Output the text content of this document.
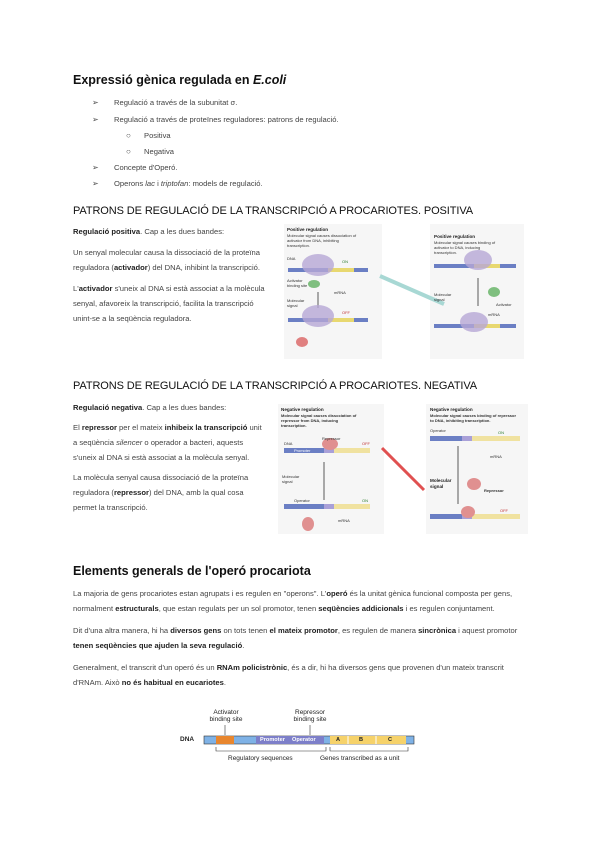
Expressió gènica regulada en E.coli
➢ Regulació a través de la subunitat σ.
➢ Regulació a través de proteïnes reguladores: patrons de regulació.
○ Positiva
○ Negativa
➢ Concepte d'Operó.
➢ Operons lac i triptofan: models de regulació.
PATRONS DE REGULACIÓ DE LA TRANSCRIPCIÓ A PROCARIOTES. POSITIVA
Regulació positiva. Cap a les dues bandes:
Un senyal molecular causa la dissociació de la proteïna reguladora (activador) del DNA, inhibint la transcripció.
L'activador s'uneix al DNA si està associat a la molècula senyal, afavoreix la transcripció, facilita la transcripció unint-se a la seqüència reguladora.
Positive regulation
Molecular signal causes dissociation of activator from DNA, inhibiting transcription.
DNA
ON
Activator binding site
mRNA
Molecular signal
OFF
Positive regulation
Molecular signal causes binding of activator to DNA, inducing transcription.
Molecular signal
Activator
mRNA
PATRONS DE REGULACIÓ DE LA TRANSCRIPCIÓ A PROCARIOTES. NEGATIVA
Regulació negativa. Cap a les dues bandes:
El repressor per el mateix inhibeix la transcripció unit a seqüència silencer o operador a bacteri, aquests s'uneix al DNA si està associat a la molècula senyal.
La molècula senyal causa dissociació de la proteïna reguladora (repressor) del DNA, amb la qual cosa permet la transcripció.
Negative regulation
Molecular signal causes dissociation of repressor from DNA, inducing transcription.
Repressor
DNA	OFF
Promoter
Molecular signal
Operator	ON
mRNA
Negative regulation
Molecular signal causes binding of repressor to DNA, inhibiting transcription.
Operator	ON
mRNA
Molecular signal
Repressor
OFF
Elements generals de l'operó procariota
La majoria de gens procariotes estan agrupats i es regulen en "operons". L'operó és la unitat gènica funcional composta per gens, normalment estructurals, que estan regulats per un sol promotor, tenen seqüències addicionals i es regulen conjuntament.
Dit d'una altra manera, hi ha diversos gens on tots tenen el mateix promotor, es regulen de manera sincrònica i aquest promotor tenen seqüències que ajuden la seva regulació.
Generalment, el transcrit d'un operó és un RNAm policistrònic, és a dir, hi ha diversos gens que provenen d'un mateix transcrit d'RNAm. Això no és habitual en eucariotes.
Activator
binding site
Repressor
binding site
DNA	Promoter Operator	A	B	C
Regulatory sequences	Genes transcribed as a unit
